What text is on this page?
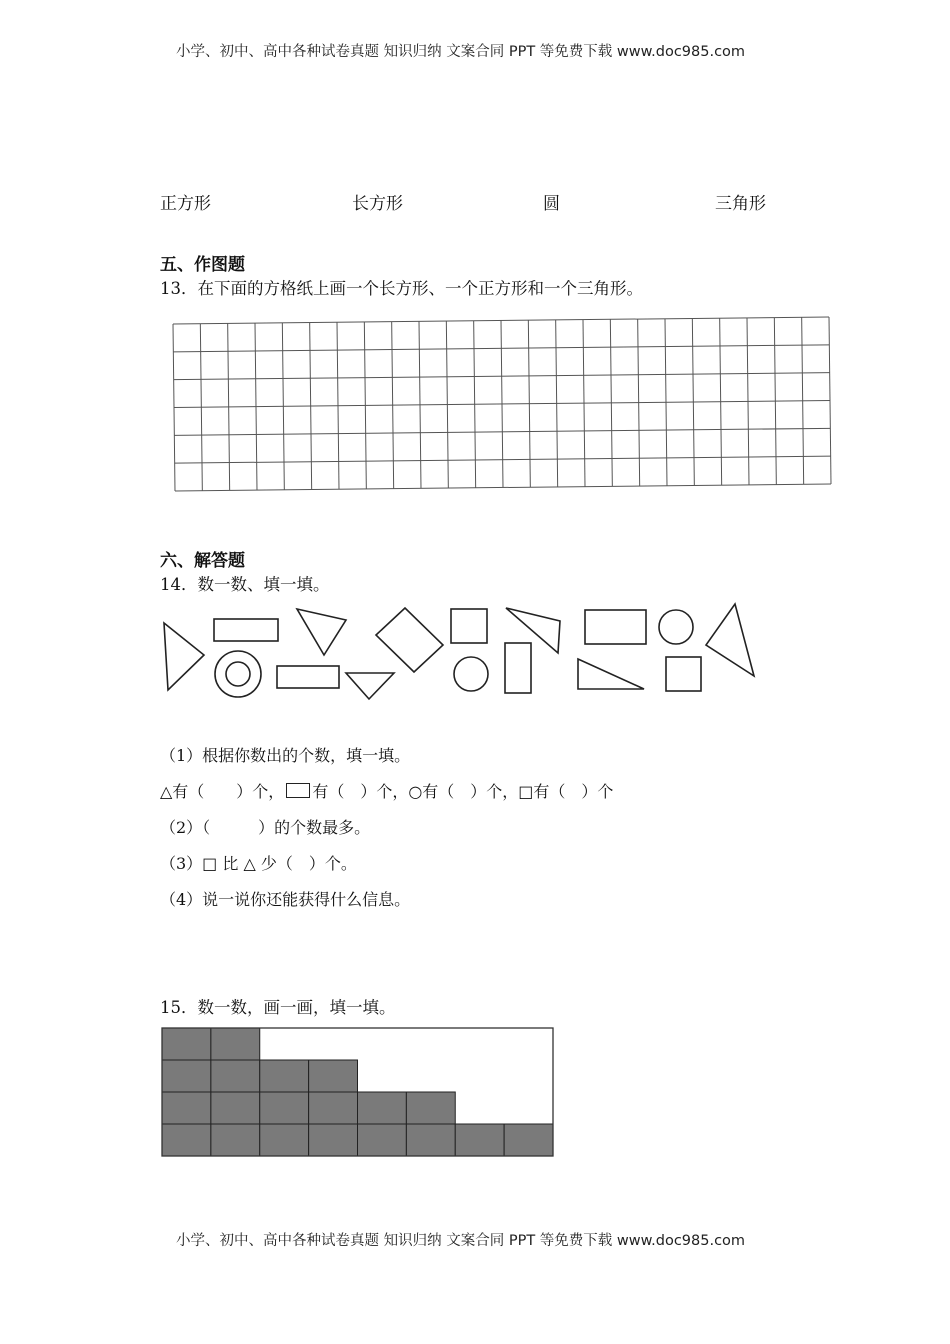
小学、初中、高中各种试卷真题 知识归纳 文案合同 PPT 等免费下载 www.doc985.com
正方形	长方形	圆	三角形
五、作图题
13．在下面的方格纸上画一个长方形、一个正方形和一个三角形。
六、解答题
14．数一数、填一填。
（1）根据你数出的个数，填一填。
△有（　　）个， 有（　）个，○有（　）个，□有（　）个
（2）（　　　）的个数最多。
（3）□ 比 △ 少（　）个。
（4）说一说你还能获得什么信息。
15．数一数，画一画，填一填。
小学、初中、高中各种试卷真题 知识归纳 文案合同 PPT 等免费下载 www.doc985.com
